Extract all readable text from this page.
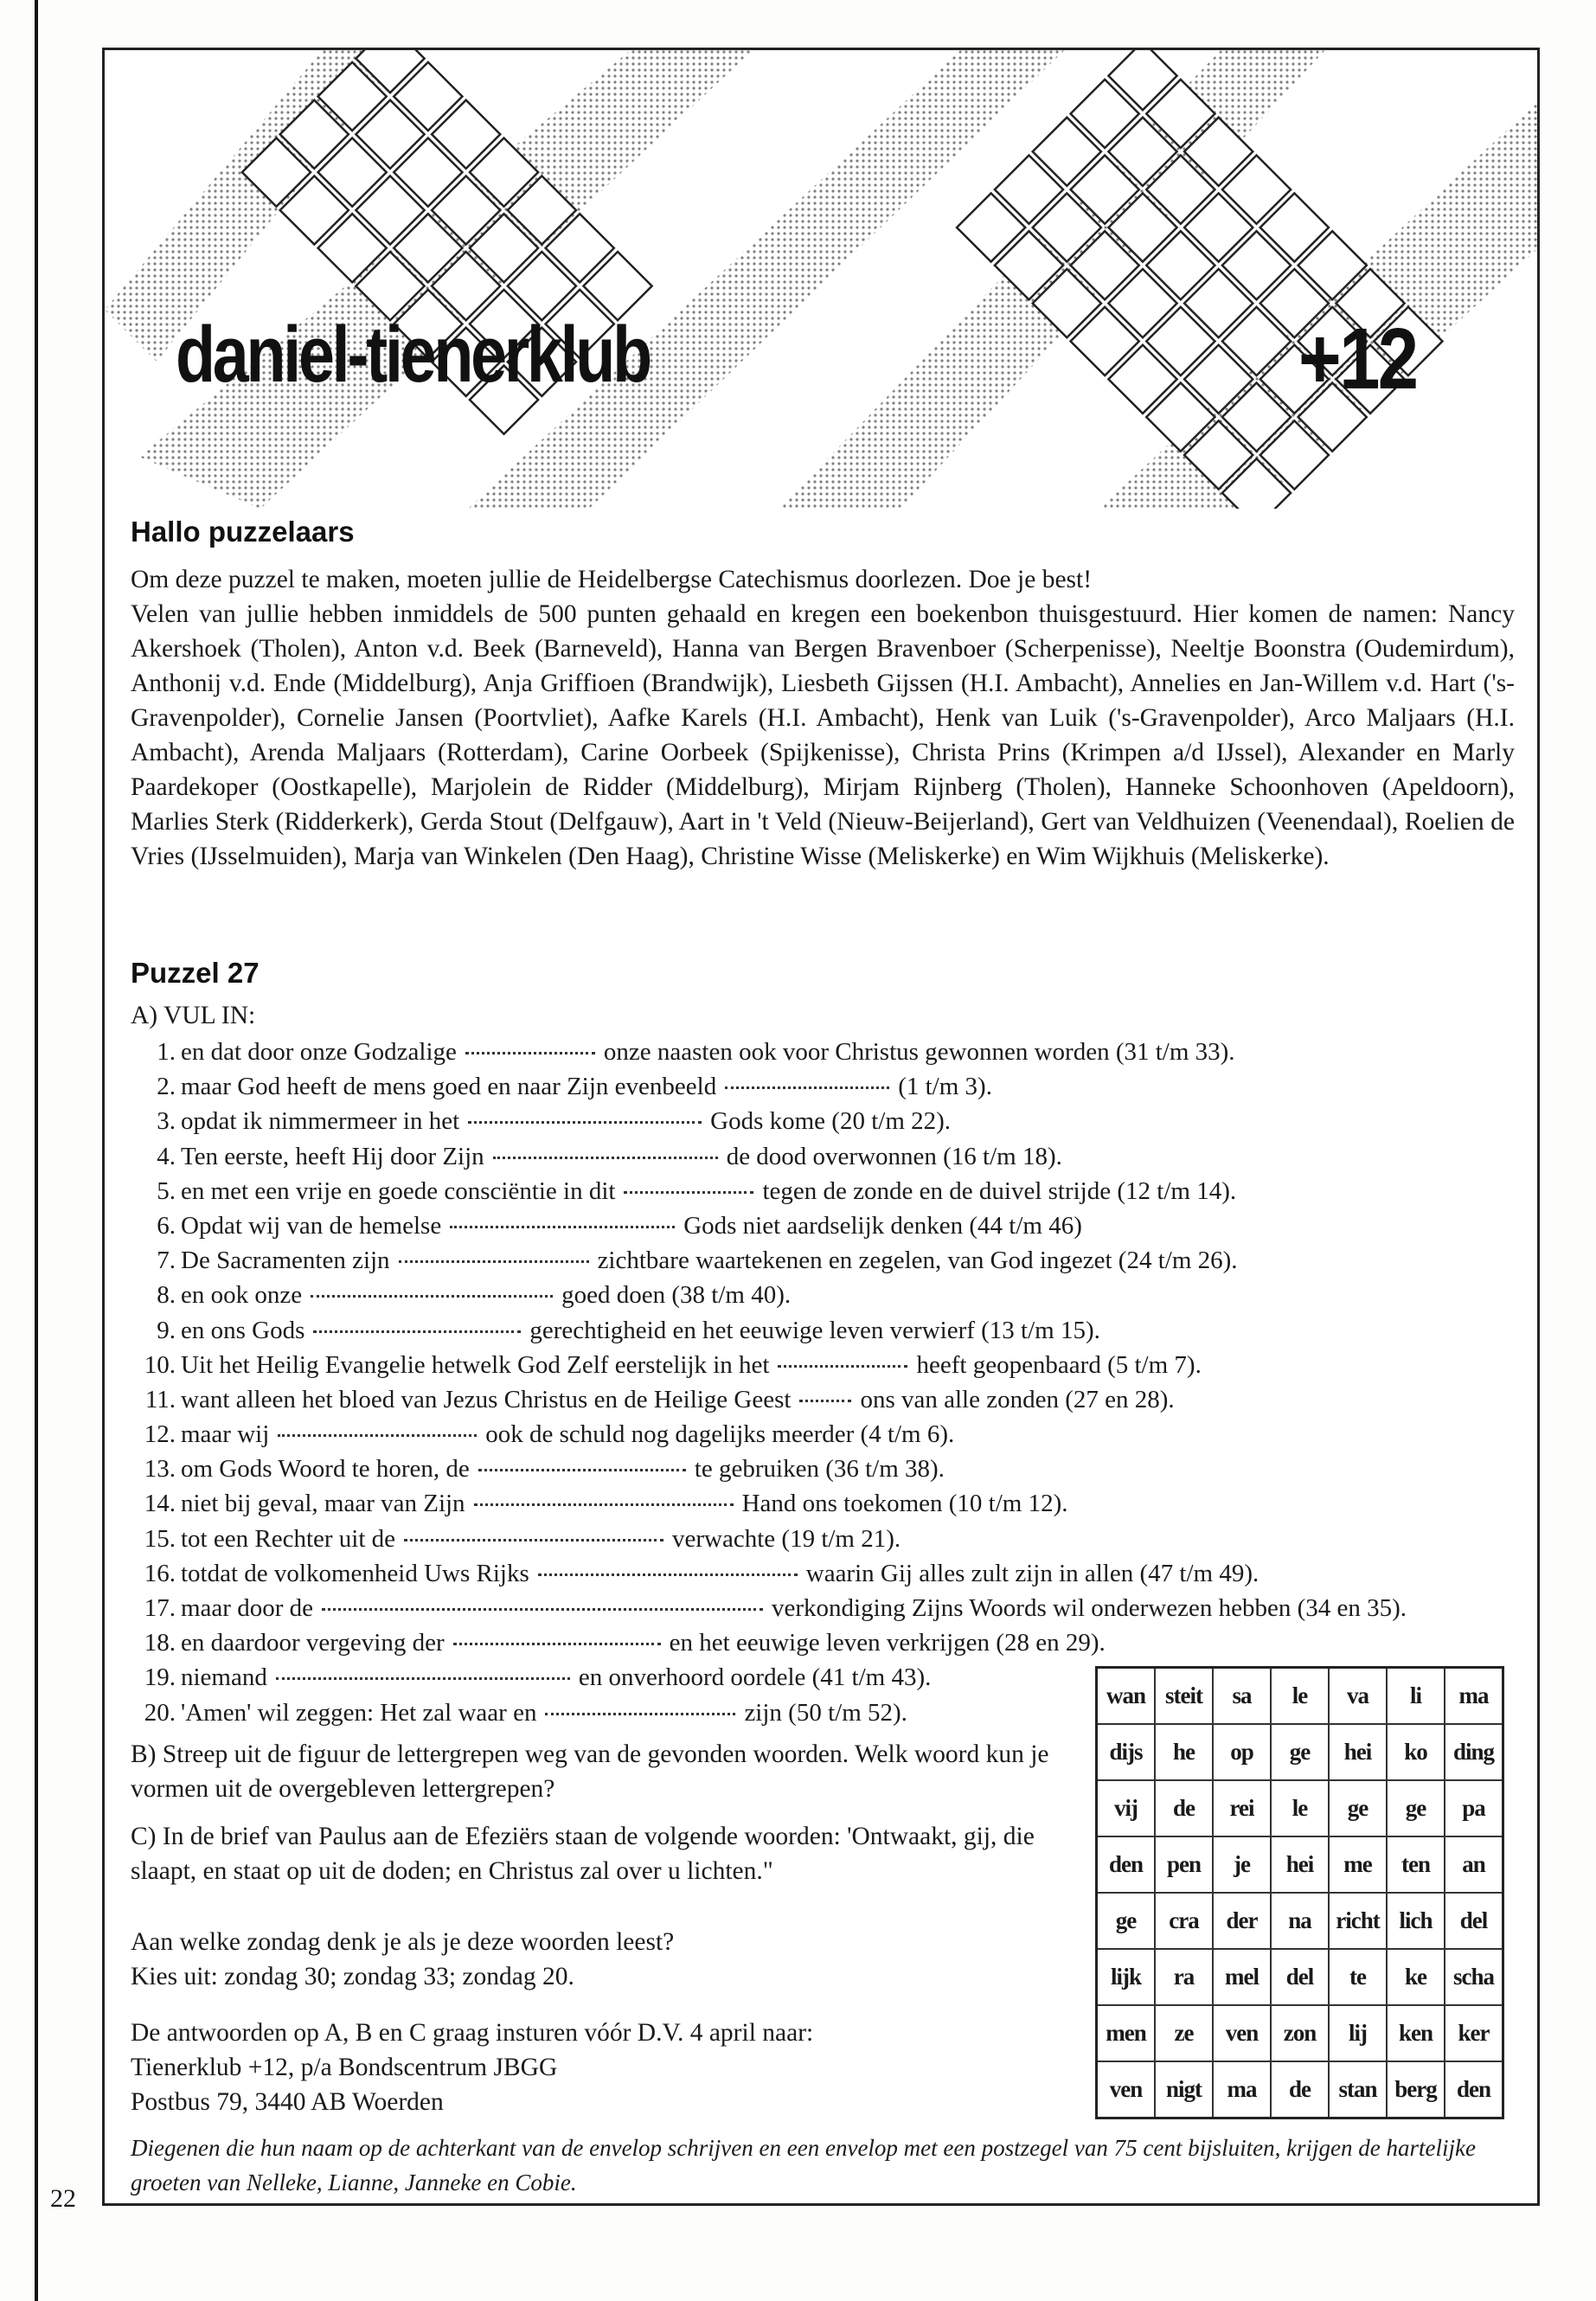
daniel-tienerklub	+12
Hallo puzzelaars

Om deze puzzel te maken, moeten jullie de Heidelbergse Catechismus doorlezen. Doe je best!

Velen van jullie hebben inmiddels de 500 punten gehaald en kregen een boekenbon thuisgestuurd. Hier komen de namen: Nancy Akershoek (Tholen), Anton v.d. Beek (Barneveld), Hanna van Bergen Bravenboer (Scherpenisse), Neeltje Boonstra (Oudemirdum), Anthonij v.d. Ende (Middelburg), Anja Griffioen (Brandwijk), Liesbeth Gijssen (H.I. Ambacht), Annelies en Jan-Willem v.d. Hart ('s-Gravenpolder), Cornelie Jansen (Poortvliet), Aafke Karels (H.I. Ambacht), Henk van Luik ('s-Gravenpolder), Arco Maljaars (H.I. Ambacht), Arenda Maljaars (Rotterdam), Carine Oorbeek (Spijkenisse), Christa Prins (Krimpen a/d IJssel), Alexander en Marly Paardekoper (Oostkapelle), Marjolein de Ridder (Middelburg), Mirjam Rijnberg (Tholen), Hanneke Schoonhoven (Apeldoorn), Marlies Sterk (Ridderkerk), Gerda Stout (Delfgauw), Aart in 't Veld (Nieuw-Beijerland), Gert van Veldhuizen (Veenendaal), Roelien de Vries (IJsselmuiden), Marja van Winkelen (Den Haag), Christine Wisse (Meliskerke) en Wim Wijkhuis (Meliskerke).

Puzzel 27

A) VUL IN:

1. en dat door onze Godzalige	onze naasten ook voor Christus gewonnen worden (31 t/m 33).
2. maar God heeft de mens goed en naar Zijn evenbeeld	(1 t/m 3).
3. opdat ik nimmermeer in het	Gods kome (20 t/m 22).
4. Ten eerste, heeft Hij door Zijn	de dood overwonnen (16 t/m 18).
5. en met een vrije en goede consciëntie in dit	tegen de zonde en de duivel strijde (12 t/m 14).
6. Opdat wij van de hemelse	Gods niet aardselijk denken (44 t/m 46)
7. De Sacramenten zijn	zichtbare waartekenen en zegelen, van God ingezet (24 t/m 26).
8. en ook onze	goed doen (38 t/m 40).
9. en ons Gods	gerechtigheid en het eeuwige leven verwierf (13 t/m 15).
10. Uit het Heilig Evangelie hetwelk God Zelf eerstelijk in het	heeft geopenbaard (5 t/m 7).
11. want alleen het bloed van Jezus Christus en de Heilige Geest	ons van alle zonden (27 en 28).
12. maar wij	ook de schuld nog dagelijks meerder (4 t/m 6).
13. om Gods Woord te horen, de	te gebruiken (36 t/m 38).
14. niet bij geval, maar van Zijn	Hand ons toekomen (10 t/m 12).
15. tot een Rechter uit de	verwachte (19 t/m 21).
16. totdat de volkomenheid Uws Rijks	waarin Gij alles zult zijn in allen (47 t/m 49).
17. maar door de	verkondiging Zijns Woords wil onderwezen hebben (34 en 35).
18. en daardoor vergeving der	en het eeuwige leven verkrijgen (28 en 29).
19. niemand	en onverhoord oordele (41 t/m 43).
20. 'Amen' wil zeggen: Het zal waar en	zijn (50 t/m 52).

B) Streep uit de figuur de lettergrepen weg van de gevonden woorden. Welk woord kun je vormen uit de overgebleven lettergrepen?

C) In de brief van Paulus aan de Efeziërs staan de volgende woorden: 'Ontwaakt, gij, die slaapt, en staat op uit de doden; en Christus zal over u lichten."

Aan welke zondag denk je als je deze woorden leest?

Kies uit: zondag 30; zondag 33; zondag 20.

De antwoorden op A, B en C graag insturen vóór D.V. 4 april naar:

Tienerklub +12, p/a Bondscentrum JBGG

Postbus 79, 3440 AB Woerden

wan	steit	sa	le	va	li	ma
dijs	he	op	ge	hei	ko	ding
vij	de	rei	le	ge	ge	pa
den	pen	je	hei	me	ten	an
ge	cra	der	na	richt	lich	del
lijk	ra	mel	del	te	ke	scha
men	ze	ven	zon	lij	ken	ker
ven	nigt	ma	de	stan	berg	den

Diegenen die hun naam op de achterkant van de envelop schrijven en een envelop met een postzegel van 75 cent bijsluiten, krijgen de hartelijke groeten van Nelleke, Lianne, Janneke en Cobie.

22
